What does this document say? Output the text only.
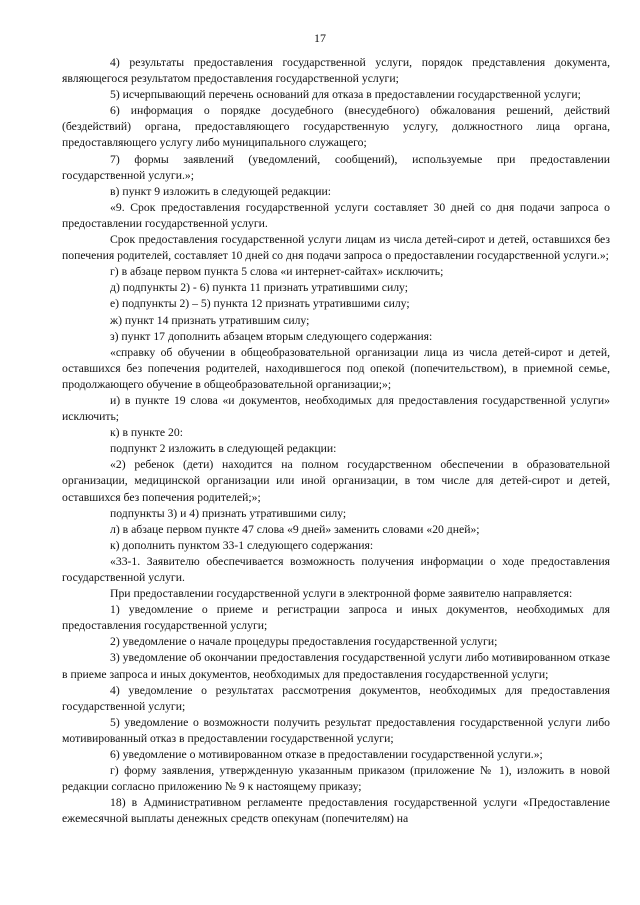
17

4) результаты предоставления государственной услуги, порядок представления документа, являющегося результатом предоставления государственной услуги;

5) исчерпывающий перечень оснований для отказа в предоставлении государственной услуги;

6) информация о порядке досудебного (внесудебного) обжалования решений, действий (бездействий) органа, предоставляющего государственную услугу, должностного лица органа, предоставляющего услугу либо муниципального служащего;

7) формы заявлений (уведомлений, сообщений), используемые при предоставлении государственной услуги.»;

в) пункт 9 изложить в следующей редакции:

«9. Срок предоставления государственной услуги составляет 30 дней со дня подачи запроса о предоставлении государственной услуги.

Срок предоставления государственной услуги лицам из числа детей-сирот и детей, оставшихся без попечения родителей, составляет 10 дней со дня подачи запроса о предоставлении государственной услуги.»;

г) в абзаце первом пункта 5 слова «и интернет-сайтах» исключить;

д) подпункты 2) - 6) пункта 11 признать утратившими силу;

е) подпункты 2) – 5) пункта 12 признать утратившими силу;

ж) пункт 14 признать утратившим силу;

з) пункт 17 дополнить абзацем вторым следующего содержания:

«справку об обучении в общеобразовательной организации лица из числа детей-сирот и детей, оставшихся без попечения родителей, находившегося под опекой (попечительством), в приемной семье, продолжающего обучение в общеобразовательной организации;»;

и) в пункте 19 слова «и документов, необходимых для предоставления государственной услуги» исключить;

к) в пункте 20:

подпункт 2 изложить в следующей редакции:

«2) ребенок (дети) находится на полном государственном обеспечении в образовательной организации, медицинской организации или иной организации, в том числе для детей-сирот и детей, оставшихся без попечения родителей;»;

подпункты 3) и 4) признать утратившими силу;

л) в абзаце первом пункте 47 слова «9 дней» заменить словами «20 дней»;

к) дополнить пунктом 33-1 следующего содержания:

«33-1. Заявителю обеспечивается возможность получения информации о ходе предоставления государственной услуги.

При предоставлении государственной услуги в электронной форме заявителю направляется:

1) уведомление о приеме и регистрации запроса и иных документов, необходимых для предоставления государственной услуги;

2) уведомление о начале процедуры предоставления государственной услуги;

3) уведомление об окончании предоставления государственной услуги либо мотивированном отказе в приеме запроса и иных документов, необходимых для предоставления государственной услуги;

4) уведомление о результатах рассмотрения документов, необходимых для предоставления государственной услуги;

5) уведомление о возможности получить результат предоставления государственной услуги либо мотивированный отказ в предоставлении государственной услуги;

6) уведомление о мотивированном отказе в предоставлении государственной услуги.»;

г) форму заявления, утвержденную указанным приказом (приложение № 1), изложить в новой редакции согласно приложению № 9 к настоящему приказу;

18) в Административном регламенте предоставления государственной услуги «Предоставление ежемесячной выплаты денежных средств опекунам (попечителям) на
